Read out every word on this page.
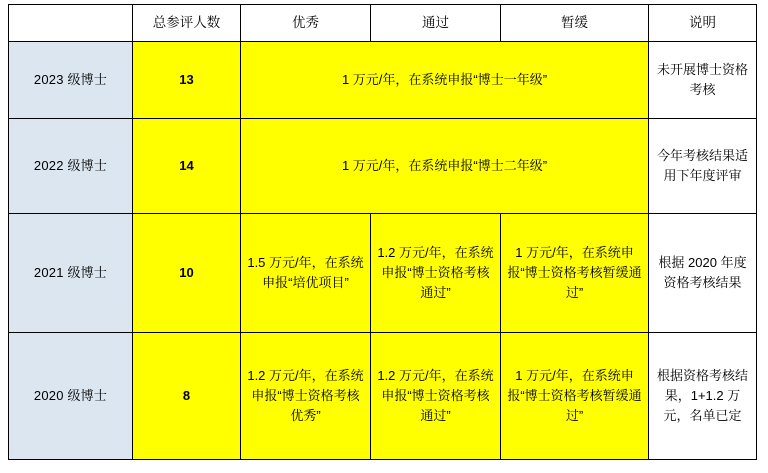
	总参评人数	优秀	通过	暂缓	说明
2023 级博士	13	1 万元/年，在系统申报“博士一年级”			未开展博士资格考核
2022 级博士	14	1 万元/年，在系统申报“博士二年级”			今年考核结果适用下年度评审
2021 级博士	10	1.5 万元/年，在系统申报“培优项目”	1.2 万元/年，在系统申报“博士资格考核通过”	1 万元/年，在系统申报“博士资格考核暂缓通过”	根据 2020 年度资格考核结果
2020 级博士	8	1.2 万元/年，在系统申报“博士资格考核优秀”	1.2 万元/年，在系统申报“博士资格考核通过”	1 万元/年，在系统申报“博士资格考核暂缓通过”	根据资格考核结果，1+1.2 万元，名单已定
